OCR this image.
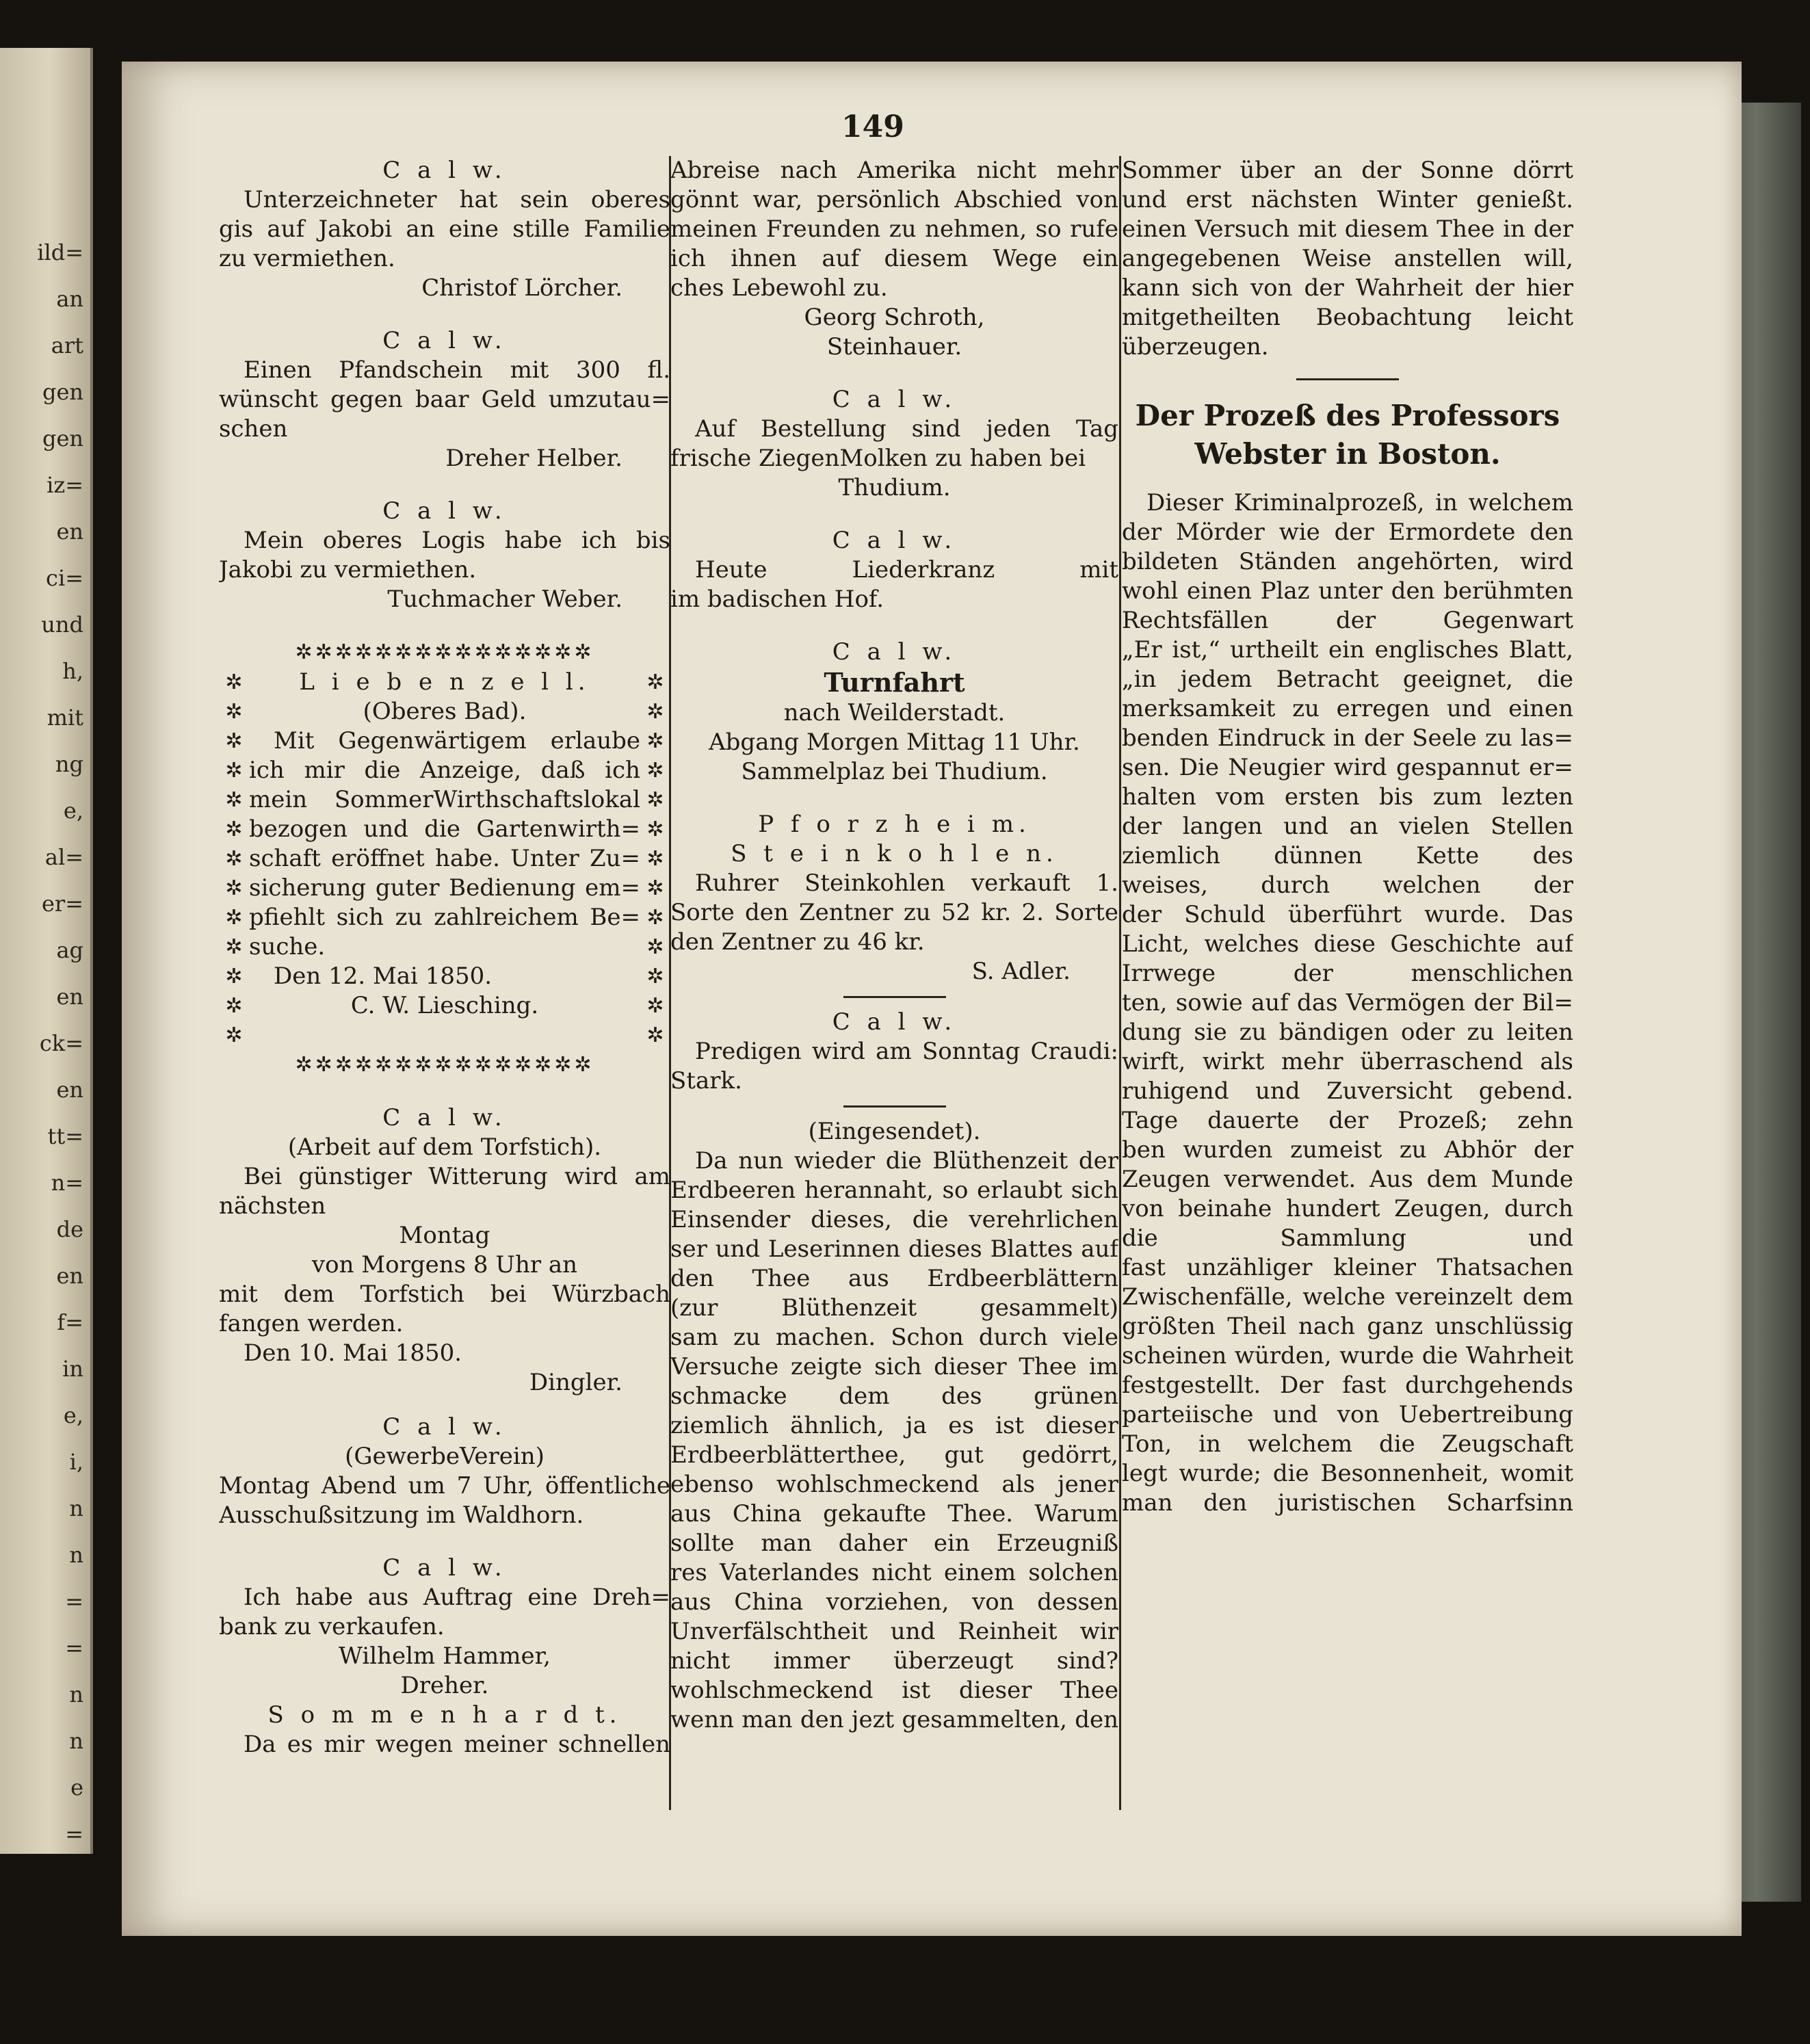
ild=
an
art
gen
gen
iz=
en
ci=
und
h,
mit
ng
e,
al=
er=
ag
en
ck=
en
tt=
n=
de
en
f=
in
e,
i,
n
n
=
=
n
n
e
=
149
C a l w.
Unterzeichneter hat sein oberes
gis auf Jakobi an eine stille Familie
zu vermiethen.
Christof Lörcher.
C a l w.
Einen Pfandschein mit 300 fl.
wünscht gegen baar Geld umzutau=
schen
Dreher Helber.
C a l w.
Mein oberes Logis habe ich bis
Jakobi zu vermiethen.
Tuchmacher Weber.
✲✲✲✲✲✲✲✲✲✲✲✲✲✲✲
✲
✲
✲
✲
✲
✲
✲
✲
✲
✲
✲
✲
✲
L i e b e n z e l l.
(Oberes Bad).
Mit Gegenwärtigem erlaube
ich mir die Anzeige, daß ich
mein SommerWirthschaftslokal
bezogen und die Gartenwirth=
schaft eröffnet habe. Unter Zu=
sicherung guter Bedienung em=
pfiehlt sich zu zahlreichem Be=
suche.
Den 12. Mai 1850.
C. W. Liesching.
✲
✲
✲
✲
✲
✲
✲
✲
✲
✲
✲
✲
✲
✲✲✲✲✲✲✲✲✲✲✲✲✲✲✲
C a l w.
(Arbeit auf dem Torfstich).
Bei günstiger Witterung wird am
nächsten
Montag
von Morgens 8 Uhr an
mit dem Torfstich bei Würzbach
fangen werden.
Den 10. Mai 1850.
Dingler.
C a l w.
(GewerbeVerein)
Montag Abend um 7 Uhr, öffentliche
Ausschußsitzung im Waldhorn.
C a l w.
Ich habe aus Auftrag eine Dreh=
bank zu verkaufen.
Wilhelm Hammer,
Dreher.
S o m m e n h a r d t.
Da es mir wegen meiner schnellen
Abreise nach Amerika nicht mehr
gönnt war, persönlich Abschied von
meinen Freunden zu nehmen, so rufe
ich ihnen auf diesem Wege ein
ches Lebewohl zu.
Georg Schroth,
Steinhauer.
C a l w.
Auf Bestellung sind jeden Tag
frische ZiegenMolken zu haben bei
Thudium.
C a l w.
Heute Liederkranz mit
im badischen Hof.
C a l w.
Turnfahrt
nach Weilderstadt.
Abgang Morgen Mittag 11 Uhr.
Sammelplaz bei Thudium.
P f o r z h e i m.
S t e i n k o h l e n.
Ruhrer Steinkohlen verkauft 1.
Sorte den Zentner zu 52 kr. 2. Sorte
den Zentner zu 46 kr.
S. Adler.
C a l w.
Predigen wird am Sonntag Craudi:
Stark.
(Eingesendet).
Da nun wieder die Blüthenzeit der
Erdbeeren herannaht, so erlaubt sich
Einsender dieses, die verehrlichen
ser und Leserinnen dieses Blattes auf
den Thee aus Erdbeerblättern
(zur Blüthenzeit gesammelt)
sam zu machen. Schon durch viele
Versuche zeigte sich dieser Thee im
schmacke dem des grünen
ziemlich ähnlich, ja es ist dieser
Erdbeerblätterthee, gut gedörrt,
ebenso wohlschmeckend als jener
aus China gekaufte Thee. Warum
sollte man daher ein Erzeugniß
res Vaterlandes nicht einem solchen
aus China vorziehen, von dessen
Unverfälschtheit und Reinheit wir
nicht immer überzeugt sind?
wohlschmeckend ist dieser Thee
wenn man den jezt gesammelten, den
Sommer über an der Sonne dörrt
und erst nächsten Winter genießt.
einen Versuch mit diesem Thee in der
angegebenen Weise anstellen will,
kann sich von der Wahrheit der hier
mitgetheilten Beobachtung leicht
überzeugen.
Der Prozeß des Professors
Webster in Boston.
Dieser Kriminalprozeß, in welchem
der Mörder wie der Ermordete den
bildeten Ständen angehörten, wird
wohl einen Plaz unter den berühmten
Rechtsfällen der Gegenwart
„Er ist,“ urtheilt ein englisches Blatt,
„in jedem Betracht geeignet, die
merksamkeit zu erregen und einen
benden Eindruck in der Seele zu las=
sen. Die Neugier wird gespannut er=
halten vom ersten bis zum lezten
der langen und an vielen Stellen
ziemlich dünnen Kette des
weises, durch welchen der
der Schuld überführt wurde. Das
Licht, welches diese Geschichte auf
Irrwege der menschlichen
ten, sowie auf das Vermögen der Bil=
dung sie zu bändigen oder zu leiten
wirft, wirkt mehr überraschend als
ruhigend und Zuversicht gebend.
Tage dauerte der Prozeß; zehn
ben wurden zumeist zu Abhör der
Zeugen verwendet. Aus dem Munde
von beinahe hundert Zeugen, durch
die Sammlung und
fast unzähliger kleiner Thatsachen
Zwischenfälle, welche vereinzelt dem
größten Theil nach ganz unschlüssig
scheinen würden, wurde die Wahrheit
festgestellt. Der fast durchgehends
parteiische und von Uebertreibung
Ton, in welchem die Zeugschaft
legt wurde; die Besonnenheit, womit
man den juristischen Scharfsinn
